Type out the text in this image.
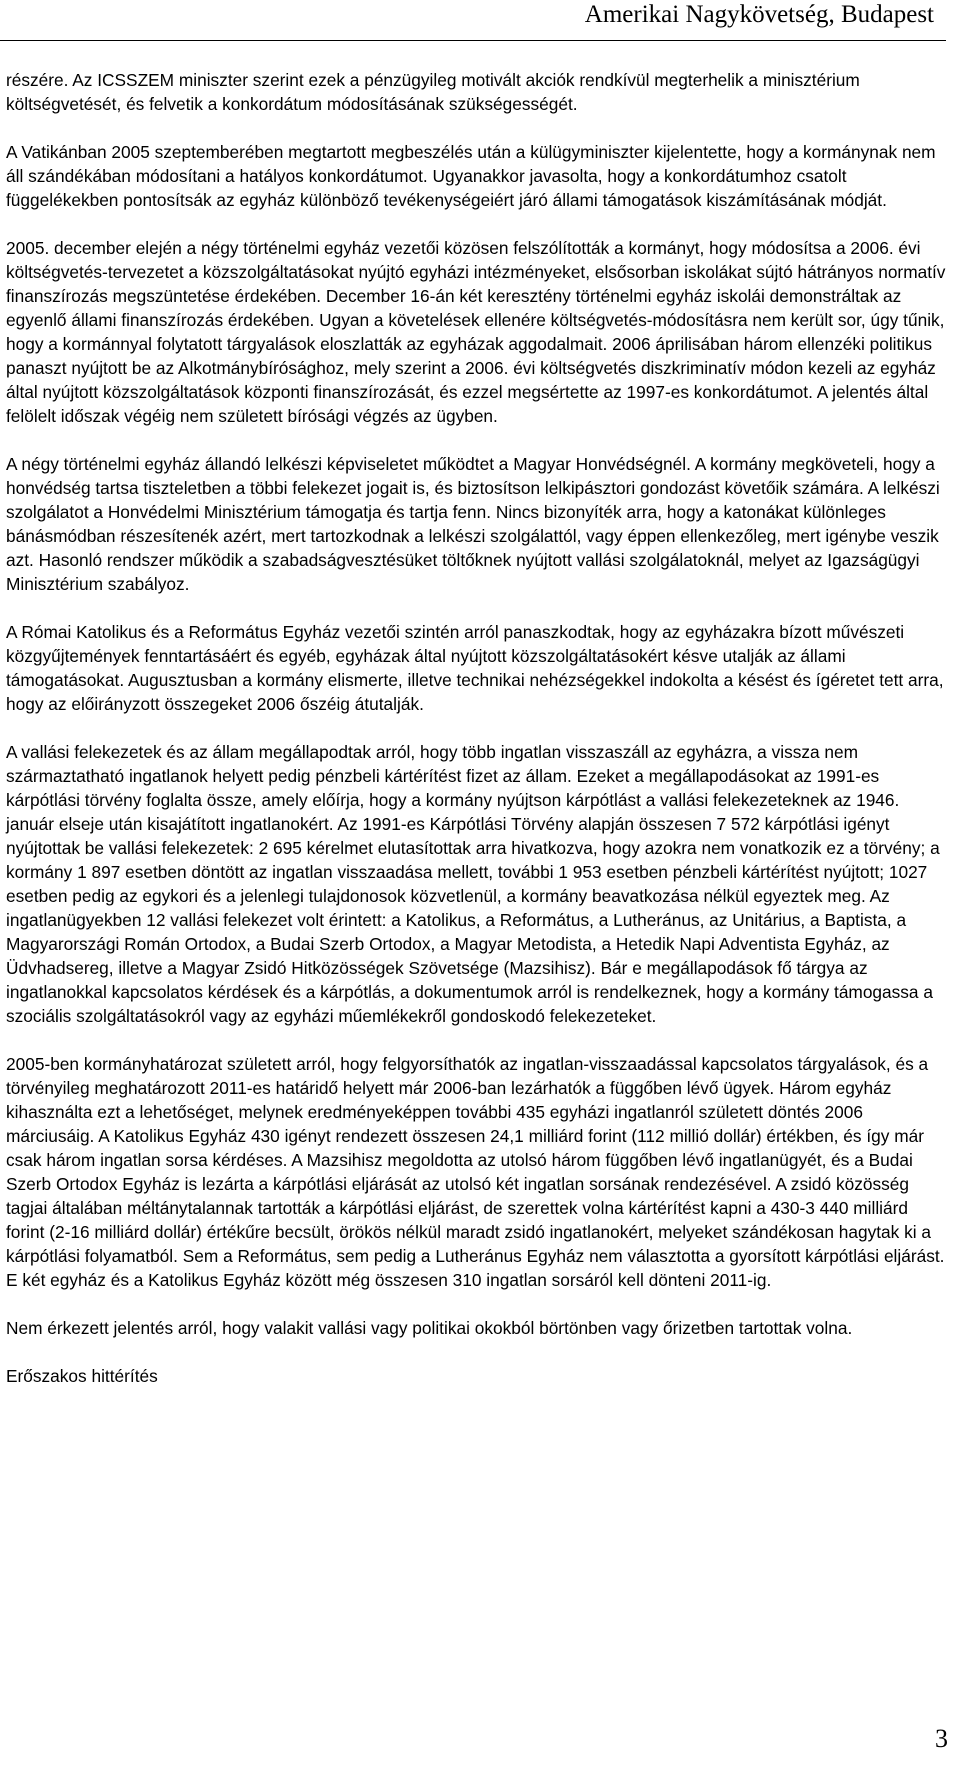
Amerikai Nagykövetség, Budapest

részére. Az ICSSZEM miniszter szerint ezek a pénzügyileg motivált akciók rendkívül megterhelik a minisztérium költségvetését, és felvetik a konkordátum módosításának szükségességét.

A Vatikánban 2005 szeptemberében megtartott megbeszélés után a külügyminiszter kijelentette, hogy a kormánynak nem áll szándékában módosítani a hatályos konkordátumot. Ugyanakkor javasolta, hogy a konkordátumhoz csatolt függelékekben pontosítsák az egyház különböző tevékenységeiért járó állami támogatások kiszámításának módját.

2005. december elején a négy történelmi egyház vezetői közösen felszólították a kormányt, hogy módosítsa a 2006. évi költségvetés-tervezetet a közszolgáltatásokat nyújtó egyházi intézményeket, elsősorban iskolákat sújtó hátrányos normatív finanszírozás megszüntetése érdekében. December 16-án két keresztény történelmi egyház iskolái demonstráltak az egyenlő állami finanszírozás érdekében. Ugyan a követelések ellenére költségvetés-módosításra nem került sor, úgy tűnik, hogy a kormánnyal folytatott tárgyalások eloszlatták az egyházak aggodalmait. 2006 áprilisában három ellenzéki politikus panaszt nyújtott be az Alkotmánybírósághoz, mely szerint a 2006. évi költségvetés diszkriminatív módon kezeli az egyház által nyújtott közszolgáltatások központi finanszírozását, és ezzel megsértette az 1997-es konkordátumot. A jelentés által felölelt időszak végéig nem született bírósági végzés az ügyben.

A négy történelmi egyház állandó lelkészi képviseletet működtet a Magyar Honvédségnél. A kormány megköveteli, hogy a honvédség tartsa tiszteletben a többi felekezet jogait is, és biztosítson lelkipásztori gondozást követőik számára. A lelkészi szolgálatot a Honvédelmi Minisztérium támogatja és tartja fenn. Nincs bizonyíték arra, hogy a katonákat különleges bánásmódban részesítenék azért, mert tartozkodnak a lelkészi szolgálattól, vagy éppen ellenkezőleg, mert igénybe veszik azt. Hasonló rendszer működik a szabadságvesztésüket töltőknek nyújtott vallási szolgálatoknál, melyet az Igazságügyi Minisztérium szabályoz.

A Római Katolikus és a Református Egyház vezetői szintén arról panaszkodtak, hogy az egyházakra bízott művészeti közgyűjtemények fenntartásáért és egyéb, egyházak által nyújtott közszolgáltatásokért késve utalják az állami támogatásokat. Augusztusban a kormány elismerte, illetve technikai nehézségekkel indokolta a késést és ígéretet tett arra, hogy az előirányzott összegeket 2006 őszéig átutalják.

A vallási felekezetek és az állam megállapodtak arról, hogy több ingatlan visszaszáll az egyházra, a vissza nem származtatható ingatlanok helyett pedig pénzbeli kártérítést fizet az állam. Ezeket a megállapodásokat az 1991-es kárpótlási törvény foglalta össze, amely előírja, hogy a kormány nyújtson kárpótlást a vallási felekezeteknek az 1946. január elseje után kisajátított ingatlanokért. Az 1991-es Kárpótlási Törvény alapján összesen 7 572 kárpótlási igényt nyújtottak be vallási felekezetek: 2 695 kérelmet elutasítottak arra hivatkozva, hogy azokra nem vonatkozik ez a törvény; a kormány 1 897 esetben döntött az ingatlan visszaadása mellett, további 1 953 esetben pénzbeli kártérítést nyújtott; 1027 esetben pedig az egykori és a jelenlegi tulajdonosok közvetlenül, a kormány beavatkozása nélkül egyeztek meg. Az ingatlanügyekben 12 vallási felekezet volt érintett: a Katolikus, a Református, a Lutheránus, az Unitárius, a Baptista, a Magyarországi Román Ortodox, a Budai Szerb Ortodox, a Magyar Metodista, a Hetedik Napi Adventista Egyház, az Üdvhadsereg, illetve a Magyar Zsidó Hitközösségek Szövetsége (Mazsihisz). Bár e megállapodások fő tárgya az ingatlanokkal kapcsolatos kérdések és a kárpótlás, a dokumentumok arról is rendelkeznek, hogy a kormány támogassa a szociális szolgáltatásokról vagy az egyházi műemlékekről gondoskodó felekezeteket.

2005-ben kormányhatározat született arról, hogy felgyorsíthatók az ingatlan-visszaadással kapcsolatos tárgyalások, és a törvényileg meghatározott 2011-es határidő helyett már 2006-ban lezárhatók a függőben lévő ügyek. Három egyház kihasználta ezt a lehetőséget, melynek eredményeképpen további 435 egyházi ingatlanról született döntés 2006 márciusáig. A Katolikus Egyház 430 igényt rendezett összesen 24,1 milliárd forint (112 millió dollár) értékben, és így már csak három ingatlan sorsa kérdéses. A Mazsihisz megoldotta az utolsó három függőben lévő ingatlanügyét, és a Budai Szerb Ortodox Egyház is lezárta a kárpótlási eljárását az utolsó két ingatlan sorsának rendezésével. A zsidó közösség tagjai általában méltánytalannak tartották a kárpótlási eljárást, de szerettek volna kártérítést kapni a 430-3 440 milliárd forint (2-16 milliárd dollár) értékűre becsült, örökös nélkül maradt zsidó ingatlanokért, melyeket szándékosan hagytak ki a kárpótlási folyamatból. Sem a Református, sem pedig a Lutheránus Egyház nem választotta a gyorsított kárpótlási eljárást. E két egyház és a Katolikus Egyház között még összesen 310 ingatlan sorsáról kell dönteni 2011-ig.

Nem érkezett jelentés arról, hogy valakit vallási vagy politikai okokból börtönben vagy őrizetben tartottak volna.

Erőszakos hittérítés

3
